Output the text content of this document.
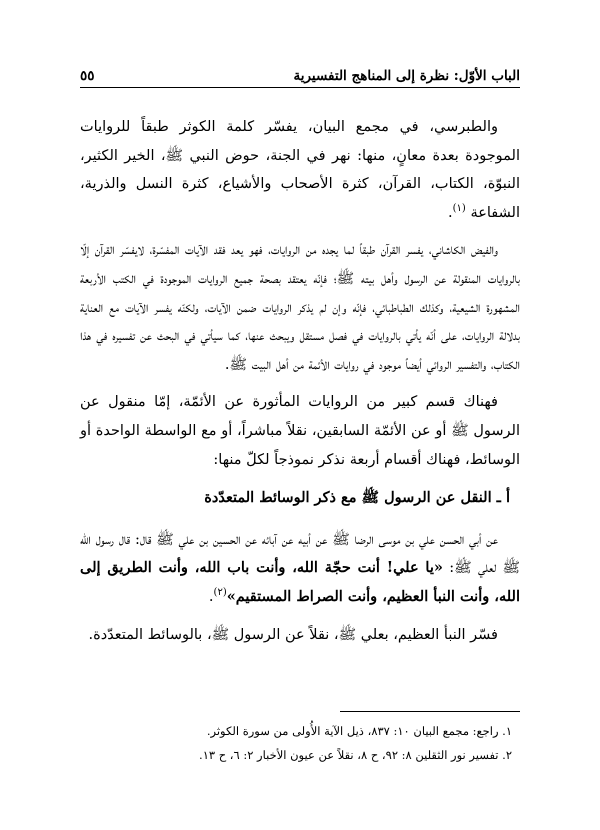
الباب الأوّل: نظرة إلى المناهج التفسيرية
٥٥

والطبرسي، في مجمع البيان، يفسّر كلمة الكوثر طبقاً للروايات الموجودة بعدة معانٍ، منها: نهر في الجنة، حوض النبي ﷺ، الخير الكثير، النبوّة، الكتاب، القرآن، كثرة الأصحاب والأشياع، كثرة النسل والذرية، الشفاعة $^{(١)}$.

والفيض الكاشاني، يفسر القرآن طبقاً لما يجده من الروايات، فهو يعد فقد الآيات المفسّرة، لايفسّر القرآن إلّا بالروايات المنقولة عن الرسول وأهل بيته ﷺ؛ فإنّه يعتقد بصحة جميع الروايات الموجودة في الكتب الأربعة المشهورة الشيعية، وكذلك الطباطبائي، فإنّه وإن لم يذكر الروايات ضمن الآيات، ولكنّه يفسر الآيات مع العناية بدلالة الروايات، على أنّه يأتي بالروايات في فصل مستقل ويبحث عنها، كما سيأتي في البحث عن تفسيره في هذا الكتاب، والتفسير الروائي أيضاً موجود في روايات الأئمة من أهل البيت ﷺ.

فهناك قسم كبير من الروايات المأثورة عن الأئمّة، إمّا منقول عن الرسول ﷺ أو عن الأئمّة السابقين، نقلاً مباشراً، أو مع الواسطة الواحدة أو الوسائط، فهناك أقسام أربعة نذكر نموذجاً لكلّ منها:

أ ـ النقل عن الرسول ﷺ مع ذكر الوسائط المتعدّدة

عن أبي الحسن علي بن موسى الرضا ﷺ عن أبيه عن آبائه عن الحسين بن علي ﷺ قال: قال رسول الله ﷺ لعلي ﷺ: «يا علي! أنت حجّة الله، وأنت باب الله، وأنت الطريق إلى الله، وأنت النبأ العظيم، وأنت الصراط المستقيم»$^{(٢)}$.

فسّر النبأ العظيم، بعلي ﷺ، نقلاً عن الرسول ﷺ، بالوسائط المتعدّدة.

١. راجع: مجمع البيان ١٠: ٨٣٧، ذيل الآية الأُولى من سورة الكوثر.

٢. تفسير نور الثقلين ٨: ٩٢، ح ٨، نقلاً عن عيون الأخبار ٢: ٦، ح ١٣.
